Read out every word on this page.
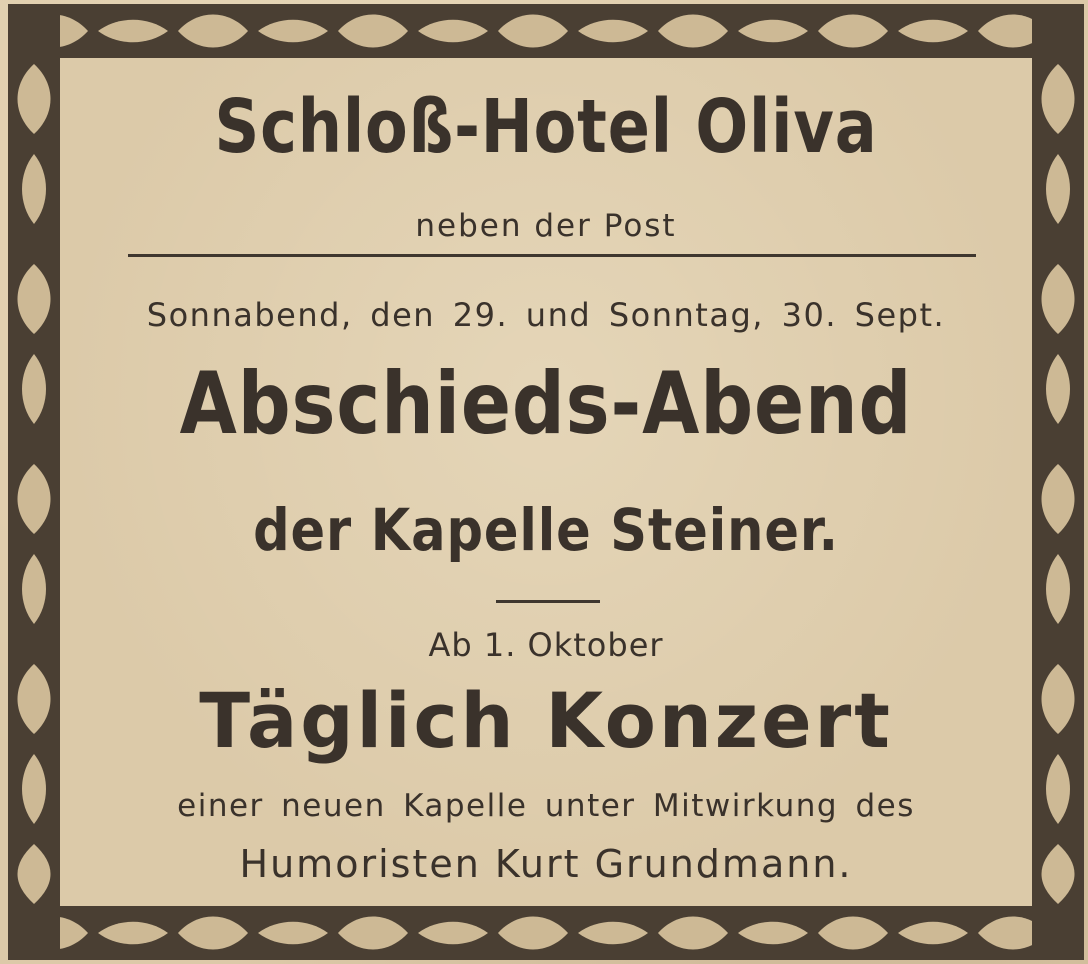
Schloß-Hotel Oliva
neben der Post
Sonnabend, den 29. und Sonntag, 30. Sept.
Abschieds-Abend
der Kapelle Steiner.
Ab 1. Oktober
Täglich Konzert
einer neuen Kapelle unter Mitwirkung des
Humoristen Kurt Grundmann.
